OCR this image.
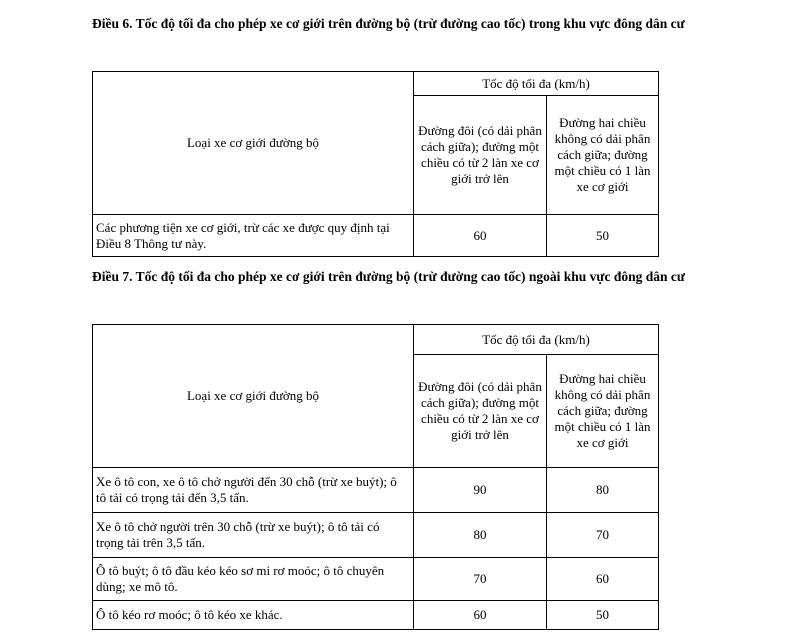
Điều 6. Tốc độ tối đa cho phép xe cơ giới trên đường bộ (trừ đường cao tốc) trong khu vực đông dân cư
Loại xe cơ giới đường bộ	Tốc độ tối đa (km/h)	
	Đường đôi (có dải phân cách giữa); đường một chiều có từ 2 làn xe cơ giới trở lên	Đường hai chiều không có dải phân cách giữa; đường một chiều có 1 làn xe cơ giới
Các phương tiện xe cơ giới, trừ các xe được quy định tại Điều 8 Thông tư này.	60	50
Điều 7. Tốc độ tối đa cho phép xe cơ giới trên đường bộ (trừ đường cao tốc) ngoài khu vực đông dân cư
Loại xe cơ giới đường bộ	Tốc độ tối đa (km/h)	
	Đường đôi (có dải phân cách giữa); đường một chiều có từ 2 làn xe cơ giới trở lên	Đường hai chiều không có dải phân cách giữa; đường một chiều có 1 làn xe cơ giới
Xe ô tô con, xe ô tô chở người đến 30 chỗ (trừ xe buýt); ô tô tải có trọng tải đến 3,5 tấn.	90	80
Xe ô tô chở người trên 30 chỗ (trừ xe buýt); ô tô tải có trọng tải trên 3,5 tấn.	80	70
Ô tô buýt; ô tô đầu kéo kéo sơ mi rơ moóc; ô tô chuyên dùng; xe mô tô.	70	60
Ô tô kéo rơ moóc; ô tô kéo xe khác.	60	50
